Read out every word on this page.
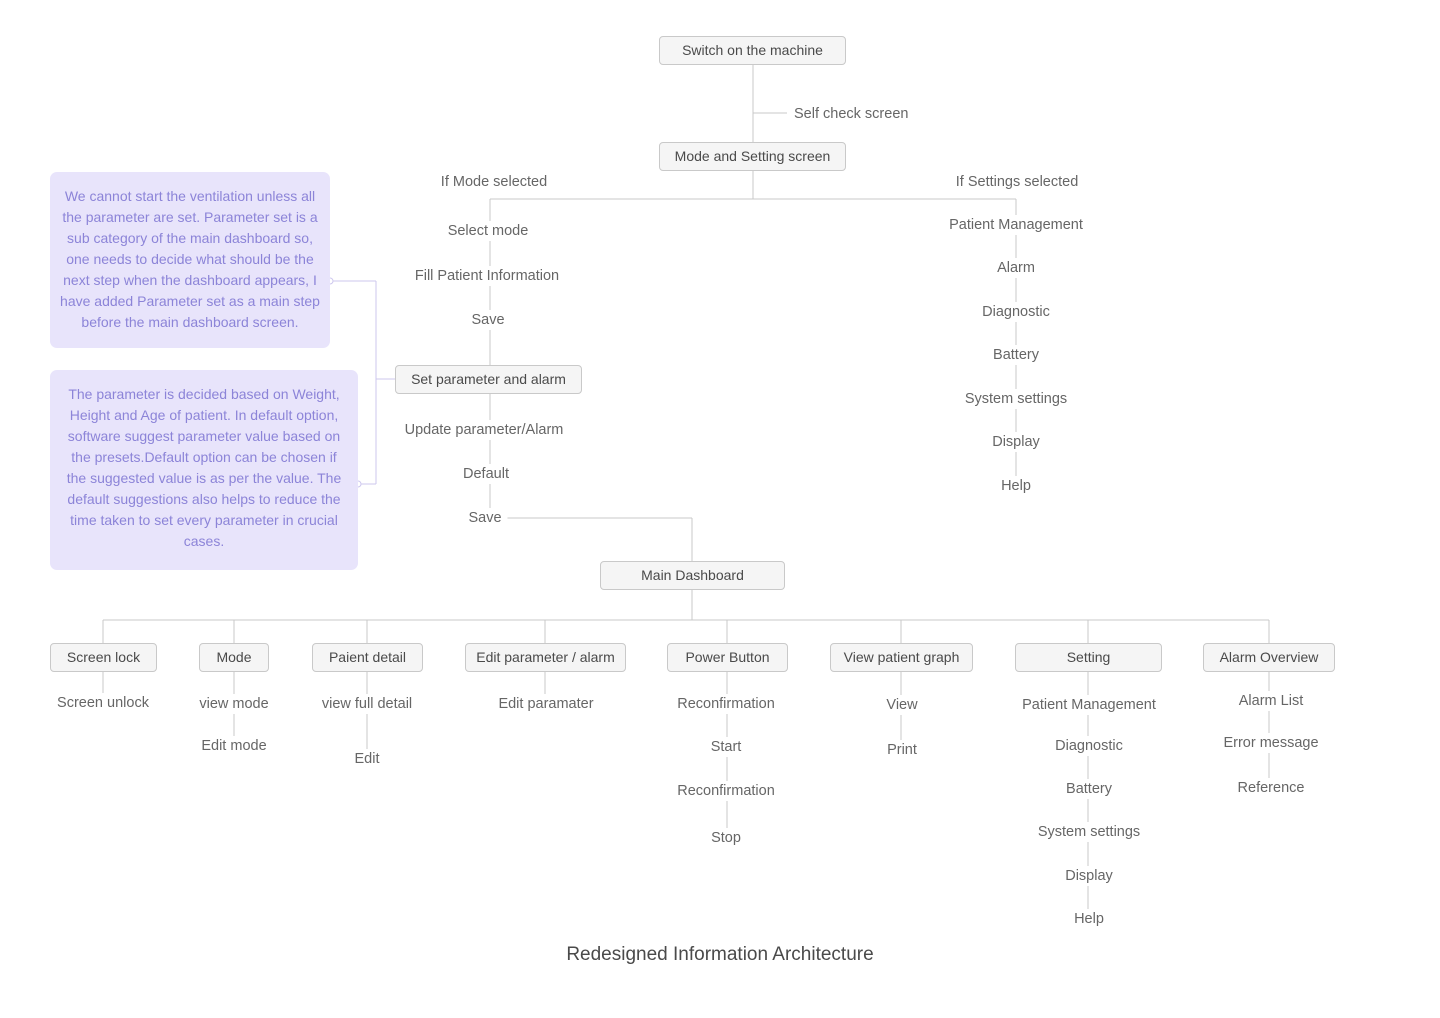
Switch on the machine
Self check screen
Mode and Setting screen
If Mode selected	If Settings selected
Select mode
Fill Patient Information
Save
Set parameter and alarm
Update parameter/Alarm
Default
Save
Patient Management
Alarm
Diagnostic
Battery
System settings
Display
Help
We cannot start the ventilation unless all the parameter are set. Parameter set is a sub category of the main dashboard so, one needs to decide what should be the next step when the dashboard appears, I have added Parameter set as a main step before the main dashboard screen.
The parameter is decided based on Weight, Height and Age of patient. In default option, software suggest parameter value based on the presets.Default option can be chosen if the suggested value is as per the value. The default suggestions also helps to reduce the time taken to set every parameter in crucial cases.
Main Dashboard
Screen lock	Mode	Paient detail	Edit parameter / alarm	Power Button	View patient graph	Setting	Alarm Overview
Screen unlock	view mode
Edit mode
view full detail
Edit
Edit paramater	Reconfirmation
Start
Reconfirmation
Stop
View
Print
Patient Management
Diagnostic
Battery
System settings
Display
Help
Alarm List
Error message
Reference
Redesigned Information Architecture
